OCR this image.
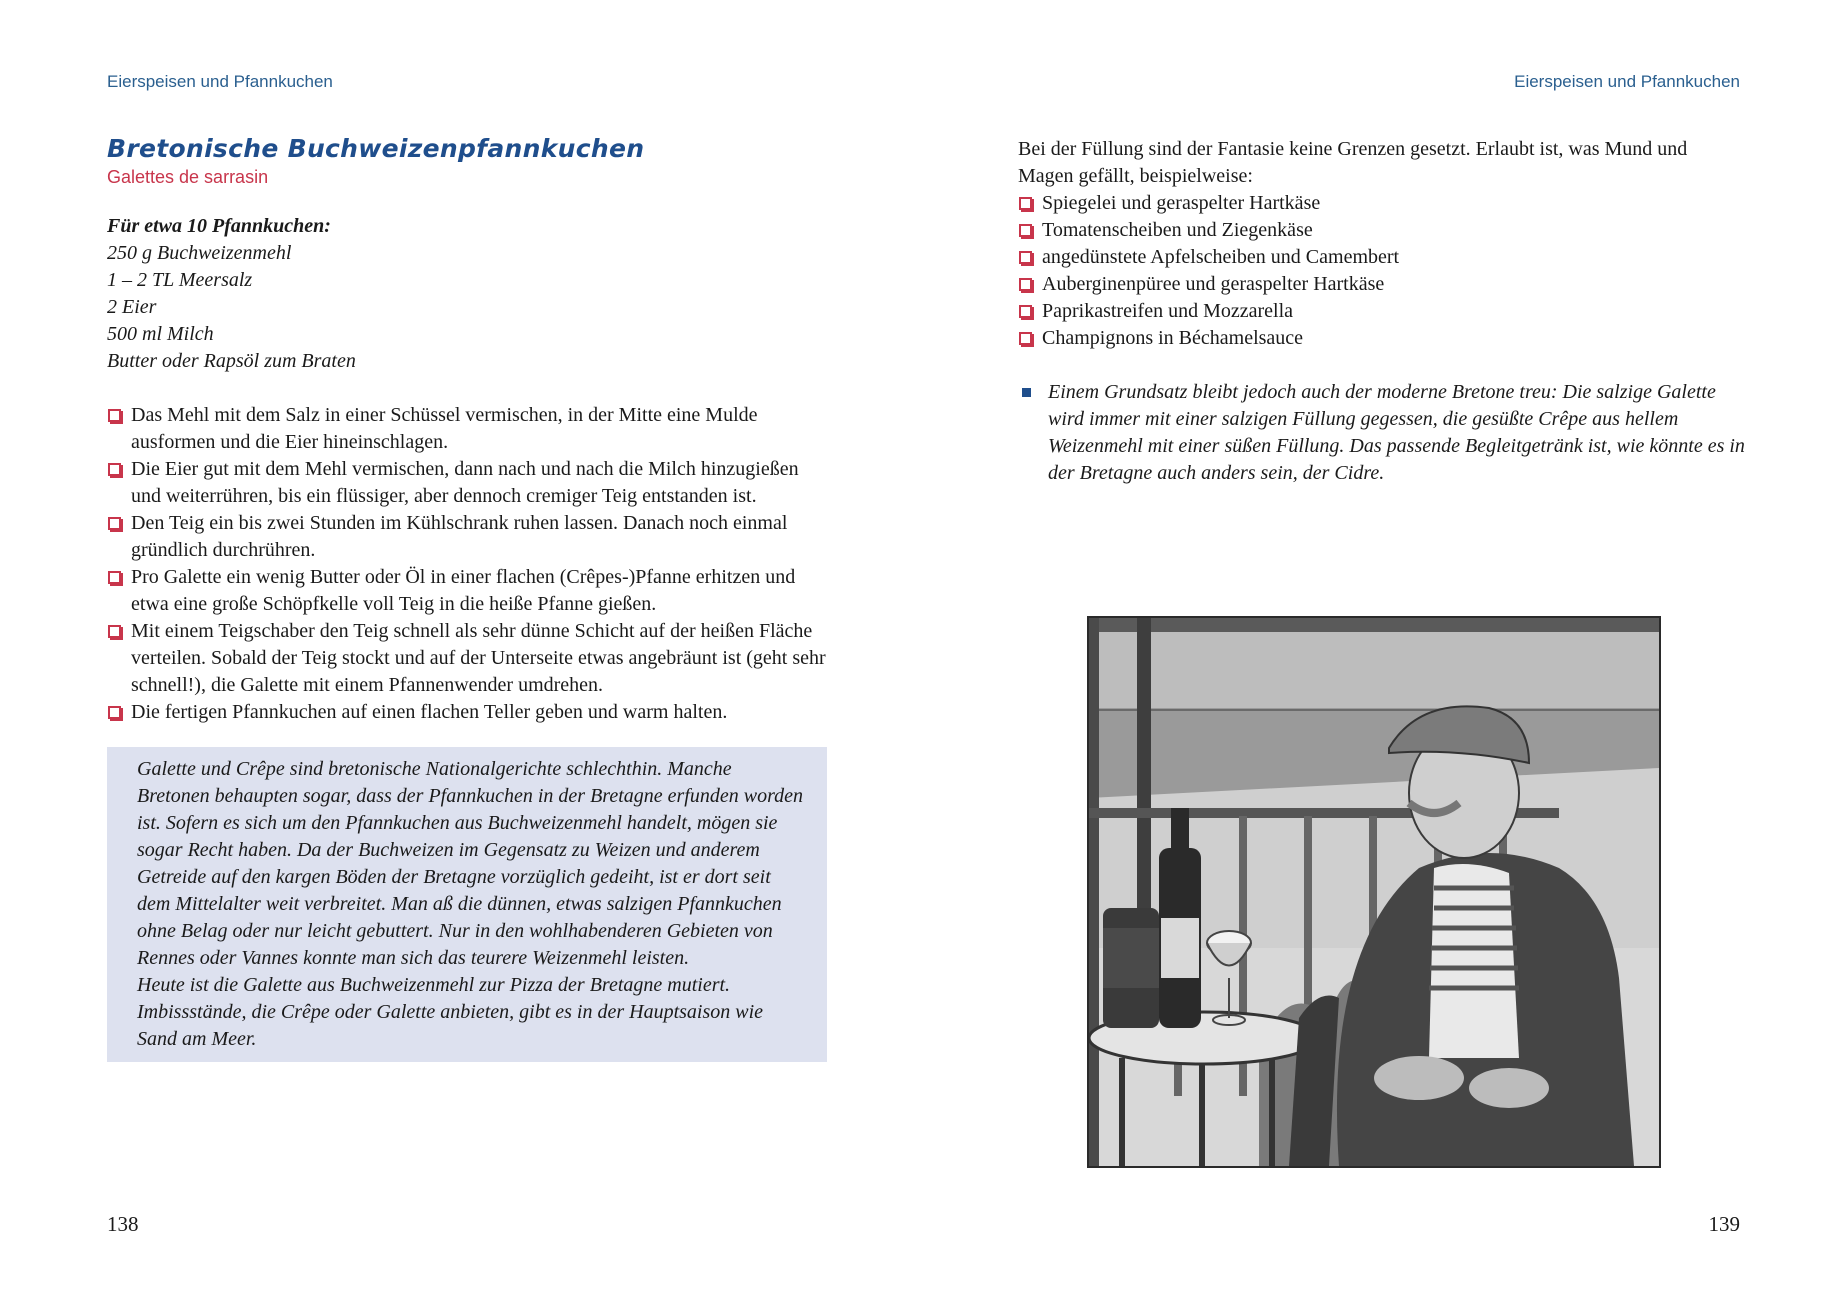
Eierspeisen und Pfannkuchen
Bretonische Buchweizenpfannkuchen

Galettes de sarrasin

Für etwa 10 Pfannkuchen:
250 g Buchweizenmehl
1 – 2 TL Meersalz
2 Eier
500 ml Milch
Butter oder Rapsöl zum Braten
Das Mehl mit dem Salz in einer Schüssel vermischen, in der Mitte eine Mulde ausformen und die Eier hineinschlagen.
Die Eier gut mit dem Mehl vermischen, dann nach und nach die Milch hinzugießen und weiterrühren, bis ein flüssiger, aber dennoch cremiger Teig entstanden ist.
Den Teig ein bis zwei Stunden im Kühlschrank ruhen lassen. Danach noch einmal gründlich durchrühren.
Pro Galette ein wenig Butter oder Öl in einer flachen (Crêpes-)Pfanne erhitzen und etwa eine große Schöpfkelle voll Teig in die heiße Pfanne gießen.
Mit einem Teigschaber den Teig schnell als sehr dünne Schicht auf der heißen Fläche verteilen. Sobald der Teig stockt und auf der Unterseite etwas angebräunt ist (geht sehr schnell!), die Galette mit einem Pfannenwender umdrehen.
Die fertigen Pfannkuchen auf einen flachen Teller geben und warm halten.

Galette und Crêpe sind bretonische Nationalgerichte schlechthin. Manche Bretonen behaupten sogar, dass der Pfannkuchen in der Bretagne erfunden worden ist. Sofern es sich um den Pfannkuchen aus Buchweizenmehl handelt, mögen sie sogar Recht haben. Da der Buchweizen im Gegensatz zu Weizen und anderem Getreide auf den kargen Böden der Bretagne vorzüglich gedeiht, ist er dort seit dem Mittelalter weit verbreitet. Man aß die dünnen, etwas salzigen Pfannkuchen ohne Belag oder nur leicht gebuttert. Nur in den wohlhabenderen Gebieten von Rennes oder Vannes konnte man sich das teurere Weizenmehl leisten.

Heute ist die Galette aus Buchweizenmehl zur Pizza der Bretagne mutiert. Imbissstände, die Crêpe oder Galette anbieten, gibt es in der Hauptsaison wie Sand am Meer.

138
Eierspeisen und Pfannkuchen

Bei der Füllung sind der Fantasie keine Grenzen gesetzt. Erlaubt ist, was Mund und Magen gefällt, beispielweise:

Spiegelei und geraspelter Hartkäse
Tomatenscheiben und Ziegenkäse
angedünstete Apfelscheiben und Camembert
Auberginenpüree und geraspelter Hartkäse
Paprikastreifen und Mozzarella
Champignons in Béchamelsauce
Einem Grundsatz bleibt jedoch auch der moderne Bretone treu: Die salzige Galette wird immer mit einer salzigen Füllung gegessen, die gesüßte Crêpe aus hellem Weizenmehl mit einer süßen Füllung. Das passende Begleitgetränk ist, wie könnte es in der Bretagne auch anders sein, der Cidre.
139
